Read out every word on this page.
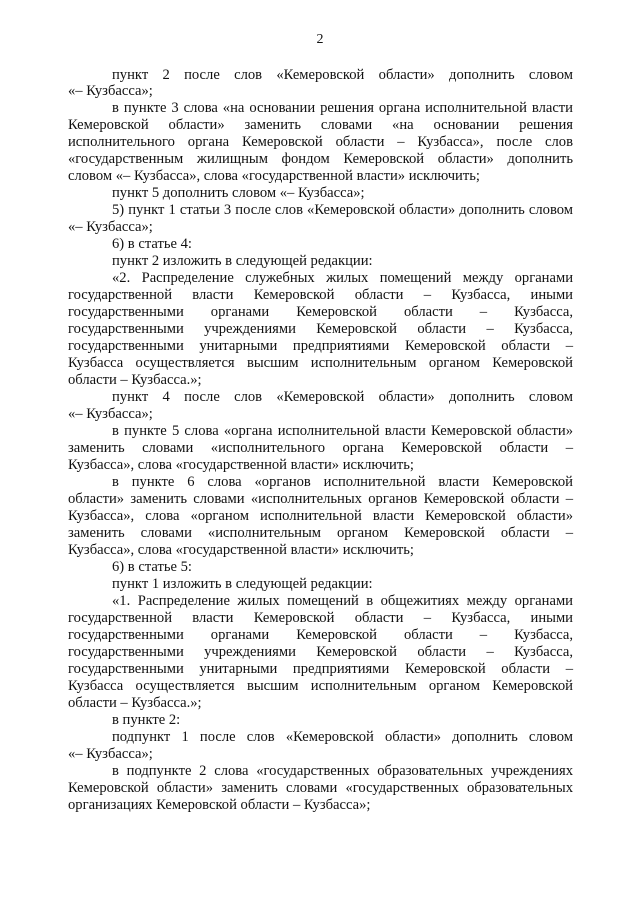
2
пункт 2 после слов «Кемеровской области» дополнить словом
«– Кузбасса»;
в пункте 3 слова «на основании решения органа исполнительной власти
Кемеровской области» заменить словами «на основании решения
исполнительного органа Кемеровской области – Кузбасса», после слов
«государственным жилищным фондом Кемеровской области» дополнить
словом «– Кузбасса», слова «государственной власти» исключить;
пункт 5 дополнить словом «– Кузбасса»;
5) пункт 1 статьи 3 после слов «Кемеровской области» дополнить словом
«– Кузбасса»;
6) в статье 4:
пункт 2 изложить в следующей редакции:
«2. Распределение служебных жилых помещений между органами
государственной власти Кемеровской области – Кузбасса, иными
государственными органами Кемеровской области – Кузбасса,
государственными учреждениями Кемеровской области – Кузбасса,
государственными унитарными предприятиями Кемеровской области –
Кузбасса осуществляется высшим исполнительным органом Кемеровской
области – Кузбасса.»;
пункт 4 после слов «Кемеровской области» дополнить словом
«– Кузбасса»;
в пункте 5 слова «органа исполнительной власти Кемеровской области»
заменить словами «исполнительного органа Кемеровской области –
Кузбасса», слова «государственной власти» исключить;
в пункте 6 слова «органов исполнительной власти Кемеровской
области» заменить словами «исполнительных органов Кемеровской области –
Кузбасса», слова «органом исполнительной власти Кемеровской области»
заменить словами «исполнительным органом Кемеровской области –
Кузбасса», слова «государственной власти» исключить;
6) в статье 5:
пункт 1 изложить в следующей редакции:
«1. Распределение жилых помещений в общежитиях между органами
государственной власти Кемеровской области – Кузбасса, иными
государственными органами Кемеровской области – Кузбасса,
государственными учреждениями Кемеровской области – Кузбасса,
государственными унитарными предприятиями Кемеровской области –
Кузбасса осуществляется высшим исполнительным органом Кемеровской
области – Кузбасса.»;
в пункте 2:
подпункт 1 после слов «Кемеровской области» дополнить словом
«– Кузбасса»;
в подпункте 2 слова «государственных образовательных учреждениях
Кемеровской области» заменить словами «государственных образовательных
организациях Кемеровской области – Кузбасса»;
